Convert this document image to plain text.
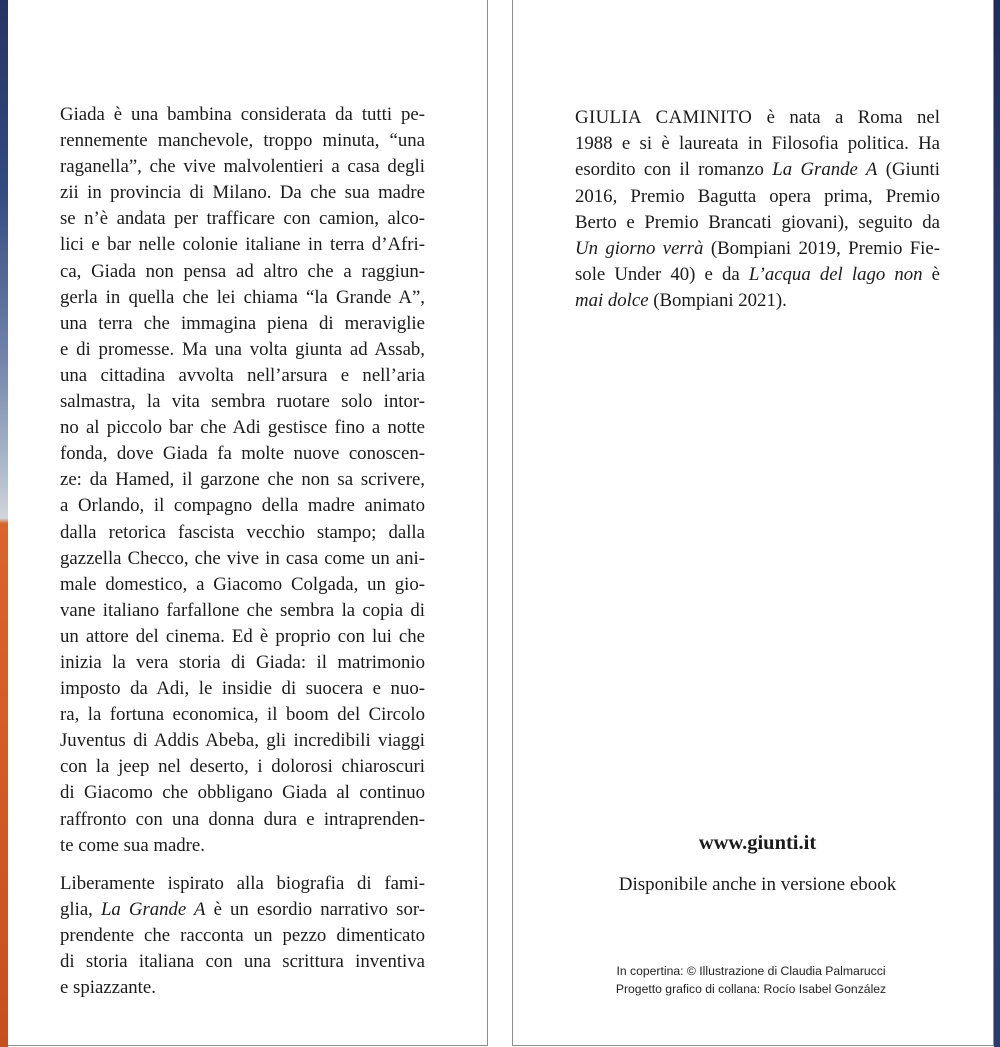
Giada è una bambina considerata da tutti pe-
rennemente manchevole, troppo minuta, “una
raganella”, che vive malvolentieri a casa degli
zii in provincia di Milano. Da che sua madre
se n’è andata per trafficare con camion, alco-
lici e bar nelle colonie italiane in terra d’Afri-
ca, Giada non pensa ad altro che a raggiun-
gerla in quella che lei chiama “la Grande A”,
una terra che immagina piena di meraviglie
e di promesse. Ma una volta giunta ad Assab,
una cittadina avvolta nell’arsura e nell’aria
salmastra, la vita sembra ruotare solo intor-
no al piccolo bar che Adi gestisce fino a notte
fonda, dove Giada fa molte nuove conoscen-
ze: da Hamed, il garzone che non sa scrivere,
a Orlando, il compagno della madre animato
dalla retorica fascista vecchio stampo; dalla
gazzella Checco, che vive in casa come un ani-
male domestico, a Giacomo Colgada, un gio-
vane italiano farfallone che sembra la copia di
un attore del cinema. Ed è proprio con lui che
inizia la vera storia di Giada: il matrimonio
imposto da Adi, le insidie di suocera e nuo-
ra, la fortuna economica, il boom del Circolo
Juventus di Addis Abeba, gli incredibili viaggi
con la jeep nel deserto, i dolorosi chiaroscuri
di Giacomo che obbligano Giada al continuo
raffronto con una donna dura e intraprenden-
te come sua madre.
Liberamente ispirato alla biografia di fami-
glia, La Grande A è un esordio narrativo sor-
prendente che racconta un pezzo dimenticato
di storia italiana con una scrittura inventiva
e spiazzante.
GIULIA CAMINITO è nata a Roma nel
1988 e si è laureata in Filosofia politica. Ha
esordito con il romanzo La Grande A (Giunti
2016, Premio Bagutta opera prima, Premio
Berto e Premio Brancati giovani), seguito da
Un giorno verrà (Bompiani 2019, Premio Fie-
sole Under 40) e da L’acqua del lago non è
mai dolce (Bompiani 2021).
www.giunti.it
Disponibile anche in versione ebook
In copertina: © Illustrazione di Claudia Palmarucci
Progetto grafico di collana: Rocío Isabel González
